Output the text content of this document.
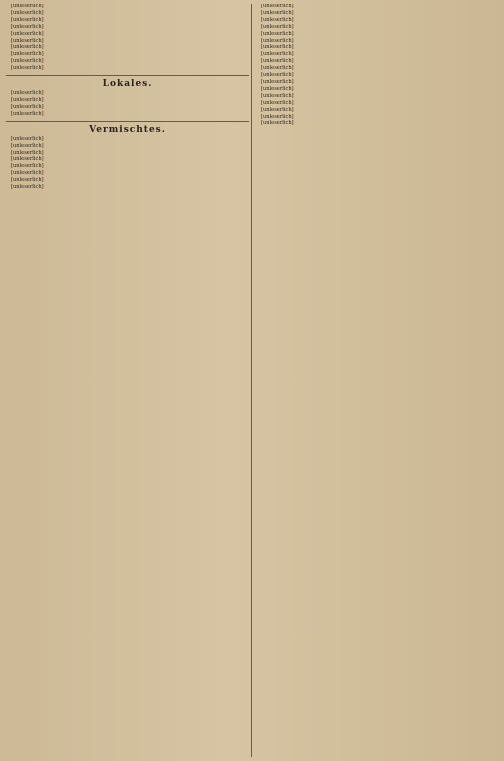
[unleserlich]

[unleserlich]

[unleserlich]

[unleserlich]

[unleserlich]

[unleserlich]

[unleserlich]

[unleserlich]

[unleserlich]

[unleserlich]

Lokales.

[unleserlich]

[unleserlich]

[unleserlich]

[unleserlich]

Vermischtes.

[unleserlich]

[unleserlich]

[unleserlich]

[unleserlich]

[unleserlich]

[unleserlich]

[unleserlich]

[unleserlich]

[unleserlich]

[unleserlich]

[unleserlich]

[unleserlich]

[unleserlich]

[unleserlich]

[unleserlich]

[unleserlich]

[unleserlich]

[unleserlich]

[unleserlich]

[unleserlich]

[unleserlich]

[unleserlich]

[unleserlich]

[unleserlich]

[unleserlich]

[unleserlich]
